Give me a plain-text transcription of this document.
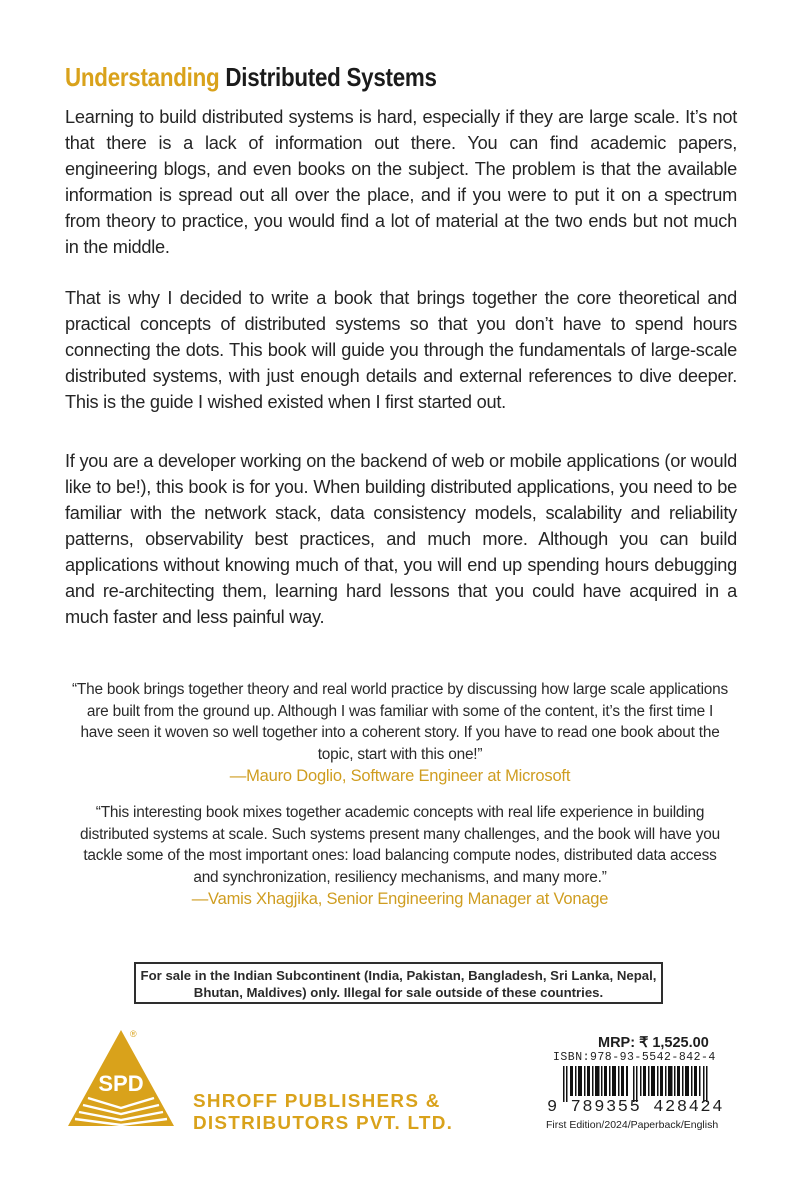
Understanding Distributed Systems
Learning to build distributed systems is hard, especially if they are large scale. It’s not that there is a lack of information out there. You can find academic papers, engineering blogs, and even books on the subject. The problem is that the available information is spread out all over the place, and if you were to put it on a spectrum from theory to practice, you would find a lot of material at the two ends but not much in the middle.
That is why I decided to write a book that brings together the core theoretical and practical concepts of distributed systems so that you don’t have to spend hours connecting the dots. This book will guide you through the fundamentals of large-scale distributed systems, with just enough details and external references to dive deeper. This is the guide I wished existed when I first started out.
If you are a developer working on the backend of web or mobile applications (or would like to be!), this book is for you. When building distributed applications, you need to be familiar with the network stack, data consistency models, scalability and reliability patterns, observability best practices, and much more. Although you can build applications without knowing much of that, you will end up spending hours debugging and re-architecting them, learning hard lessons that you could have acquired in a much faster and less painful way.
“The book brings together theory and real world practice by discussing how large scale applications are built from the ground up. Although I was familiar with some of the content, it’s the first time I have seen it woven so well together into a coherent story. If you have to read one book about the topic, start with this one!”
—Mauro Doglio, Software Engineer at Microsoft
“This interesting book mixes together academic concepts with real life experience in building distributed systems at scale. Such systems present many challenges, and the book will have you tackle some of the most important ones: load balancing compute nodes, distributed data access and synchronization, resiliency mechanisms, and many more.”
—Vamis Xhagjika, Senior Engineering Manager at Vonage
For sale in the Indian Subcontinent (India, Pakistan, Bangladesh, Sri Lanka, Nepal, Bhutan, Maldives) only. Illegal for sale outside of these countries.
SPD
®
SHROFF PUBLISHERS &
DISTRIBUTORS PVT. LTD.
MRP: ₹ 1,525.00
ISBN:978-93-5542-842-4
9 789355 428424
First Edition/2024/Paperback/English
